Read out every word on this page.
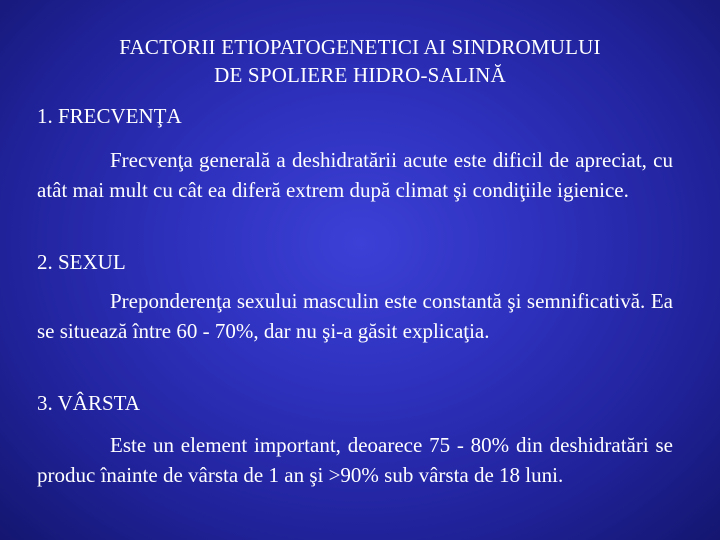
FACTORII ETIOPATOGENETICI AI SINDROMULUI
DE SPOLIERE HIDRO-SALINĂ
1. FRECVENŢA
Frecvenţa generală a deshidratării acute este dificil de apreciat, cu atât mai mult cu cât ea diferă extrem după climat şi condiţiile igienice.
2. SEXUL
Preponderenţa sexului masculin este constantă şi semnificativă. Ea se situează între 60 - 70%, dar nu şi-a găsit explicaţia.
3. VÂRSTA
Este un element important, deoarece 75 - 80% din deshidratări se produc înainte de vârsta de 1 an şi >90% sub vârsta de 18 luni.
